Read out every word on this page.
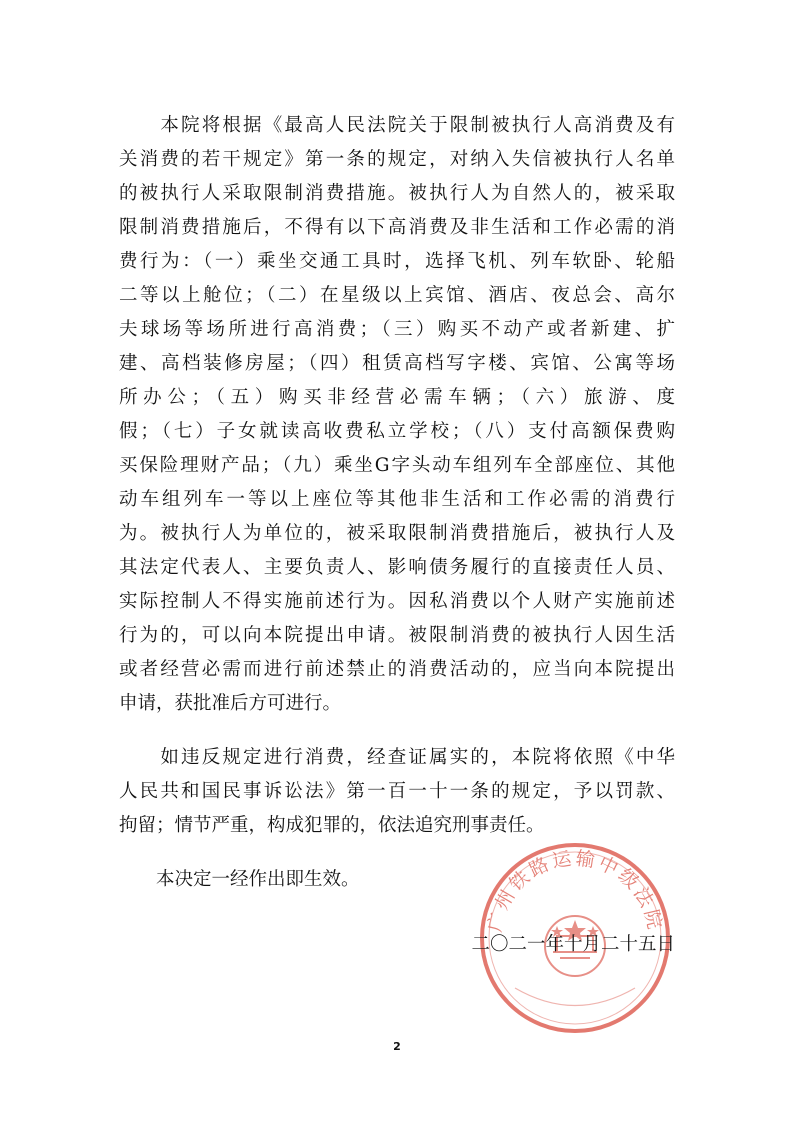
　　本院将根据《最高人民法院关于限制被执行人高消费及有
关消费的若干规定》第一条的规定，对纳入失信被执行人名单
的被执行人采取限制消费措施。被执行人为自然人的，被采取
限制消费措施后，不得有以下高消费及非生活和工作必需的消
费行为：（一）乘坐交通工具时，选择飞机、列车软卧、轮船
二等以上舱位；（二）在星级以上宾馆、酒店、夜总会、高尔
夫球场等场所进行高消费；（三）购买不动产或者新建、扩
建、高档装修房屋；（四）租赁高档写字楼、宾馆、公寓等场
所办公；（五）购买非经营必需车辆；（六）旅游、度
假；（七）子女就读高收费私立学校；（八）支付高额保费购
买保险理财产品；（九）乘坐G字头动车组列车全部座位、其他
动车组列车一等以上座位等其他非生活和工作必需的消费行
为。被执行人为单位的，被采取限制消费措施后，被执行人及
其法定代表人、主要负责人、影响债务履行的直接责任人员、
实际控制人不得实施前述行为。因私消费以个人财产实施前述
行为的，可以向本院提出申请。被限制消费的被执行人因生活
或者经营必需而进行前述禁止的消费活动的，应当向本院提出
申请，获批准后方可进行。
　　如违反规定进行消费，经查证属实的，本院将依照《中华
人民共和国民事诉讼法》第一百一十一条的规定，予以罚款、
拘留；情节严重，构成犯罪的，依法追究刑事责任。
　　本决定一经作出即生效。
广州铁路运输中级法院
二〇二一年十月二十五日
2
